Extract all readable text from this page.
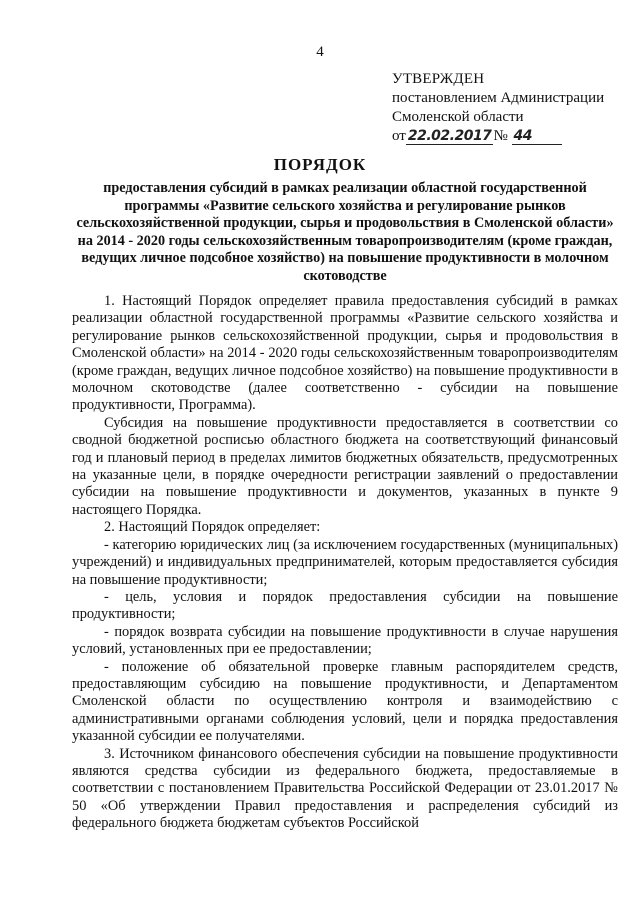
4
УТВЕРЖДЕН
постановлением Администрации
Смоленской области
от 22.02.2017 № 44
ПОРЯДОК
предоставления субсидий в рамках реализации областной государственной программы «Развитие сельского хозяйства и регулирование рынков сельскохозяйственной продукции, сырья и продовольствия в Смоленской области» на 2014 - 2020 годы сельскохозяйственным товаропроизводителям (кроме граждан, ведущих личное подсобное хозяйство) на повышение продуктивности в молочном скотоводстве

1. Настоящий Порядок определяет правила предоставления субсидий в рамках реализации областной государственной программы «Развитие сельского хозяйства и регулирование рынков сельскохозяйственной продукции, сырья и продовольствия в Смоленской области» на 2014 - 2020 годы сельскохозяйственным товаропроизводителям (кроме граждан, ведущих личное подсобное хозяйство) на повышение продуктивности в молочном скотоводстве (далее соответственно - субсидии на повышение продуктивности, Программа).

Субсидия на повышение продуктивности предоставляется в соответствии со сводной бюджетной росписью областного бюджета на соответствующий финансовый год и плановый период в пределах лимитов бюджетных обязательств, предусмотренных на указанные цели, в порядке очередности регистрации заявлений о предоставлении субсидии на повышение продуктивности и документов, указанных в пункте 9 настоящего Порядка.

2. Настоящий Порядок определяет:

- категорию юридических лиц (за исключением государственных (муниципальных) учреждений) и индивидуальных предпринимателей, которым предоставляется субсидия на повышение продуктивности;

- цель, условия и порядок предоставления субсидии на повышение продуктивности;

- порядок возврата субсидии на повышение продуктивности в случае нарушения условий, установленных при ее предоставлении;

- положение об обязательной проверке главным распорядителем средств, предоставляющим субсидию на повышение продуктивности, и Департаментом Смоленской области по осуществлению контроля и взаимодействию с административными органами соблюдения условий, цели и порядка предоставления указанной субсидии ее получателями.

3. Источником финансового обеспечения субсидии на повышение продуктивности являются средства субсидии из федерального бюджета, предоставляемые в соответствии с постановлением Правительства Российской Федерации от 23.01.2017 № 50 «Об утверждении Правил предоставления и распределения субсидий из федерального бюджета бюджетам субъектов Российской
